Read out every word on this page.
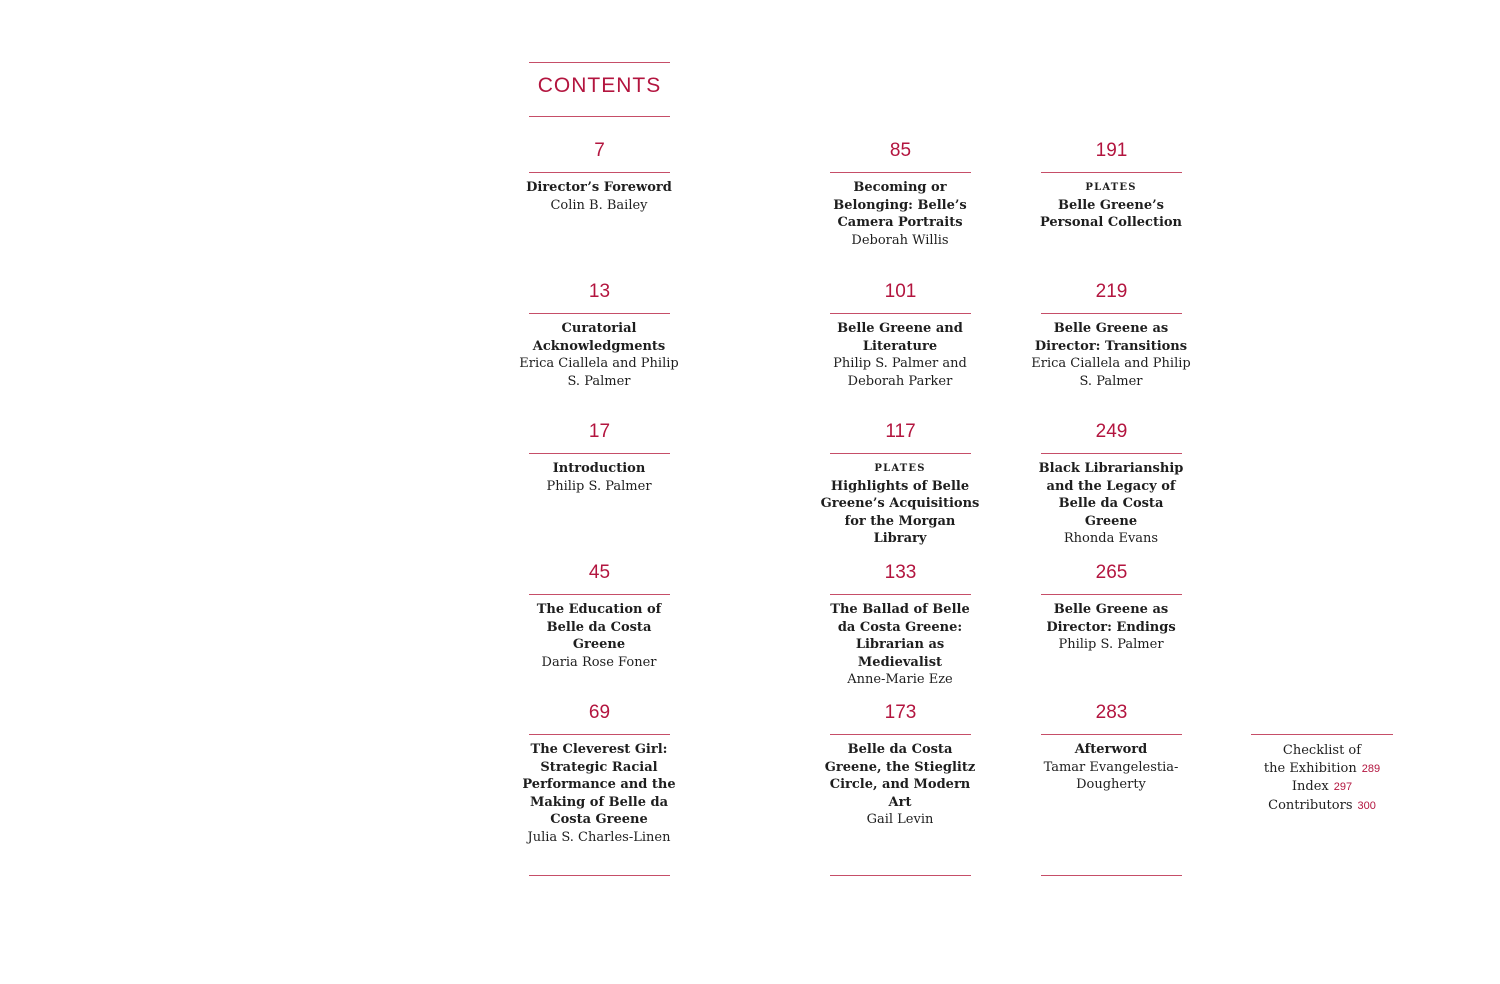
CONTENTS
7
Director’s Foreword
Colin B. Bailey
13
Curatorial Acknowledgments
Erica Ciallela and Philip S. Palmer
17
Introduction
Philip S. Palmer
45
The Education of Belle da Costa Greene
Daria Rose Foner
69
The Cleverest Girl: Strategic Racial Performance and the Making of Belle da Costa Greene
Julia S. Charles-Linen
85
Becoming or Belonging: Belle’s Camera Portraits
Deborah Willis
101
Belle Greene and Literature
Philip S. Palmer and Deborah Parker
117
PLATES
Highlights of Belle Greene’s Acquisitions for the Morgan Library
133
The Ballad of Belle da Costa Greene: Librarian as Medievalist
Anne-Marie Eze
173
Belle da Costa Greene, the Stieglitz Circle, and Modern Art
Gail Levin
191
PLATES
Belle Greene’s Personal Collection
219
Belle Greene as Director: Transitions
Erica Ciallela and Philip S. Palmer
249
Black Librarianship and the Legacy of Belle da Costa Greene
Rhonda Evans
265
Belle Greene as Director: Endings
Philip S. Palmer
283
Afterword
Tamar Evangelestia-Dougherty
Checklist of
the Exhibition 289
Index 297
Contributors 300
